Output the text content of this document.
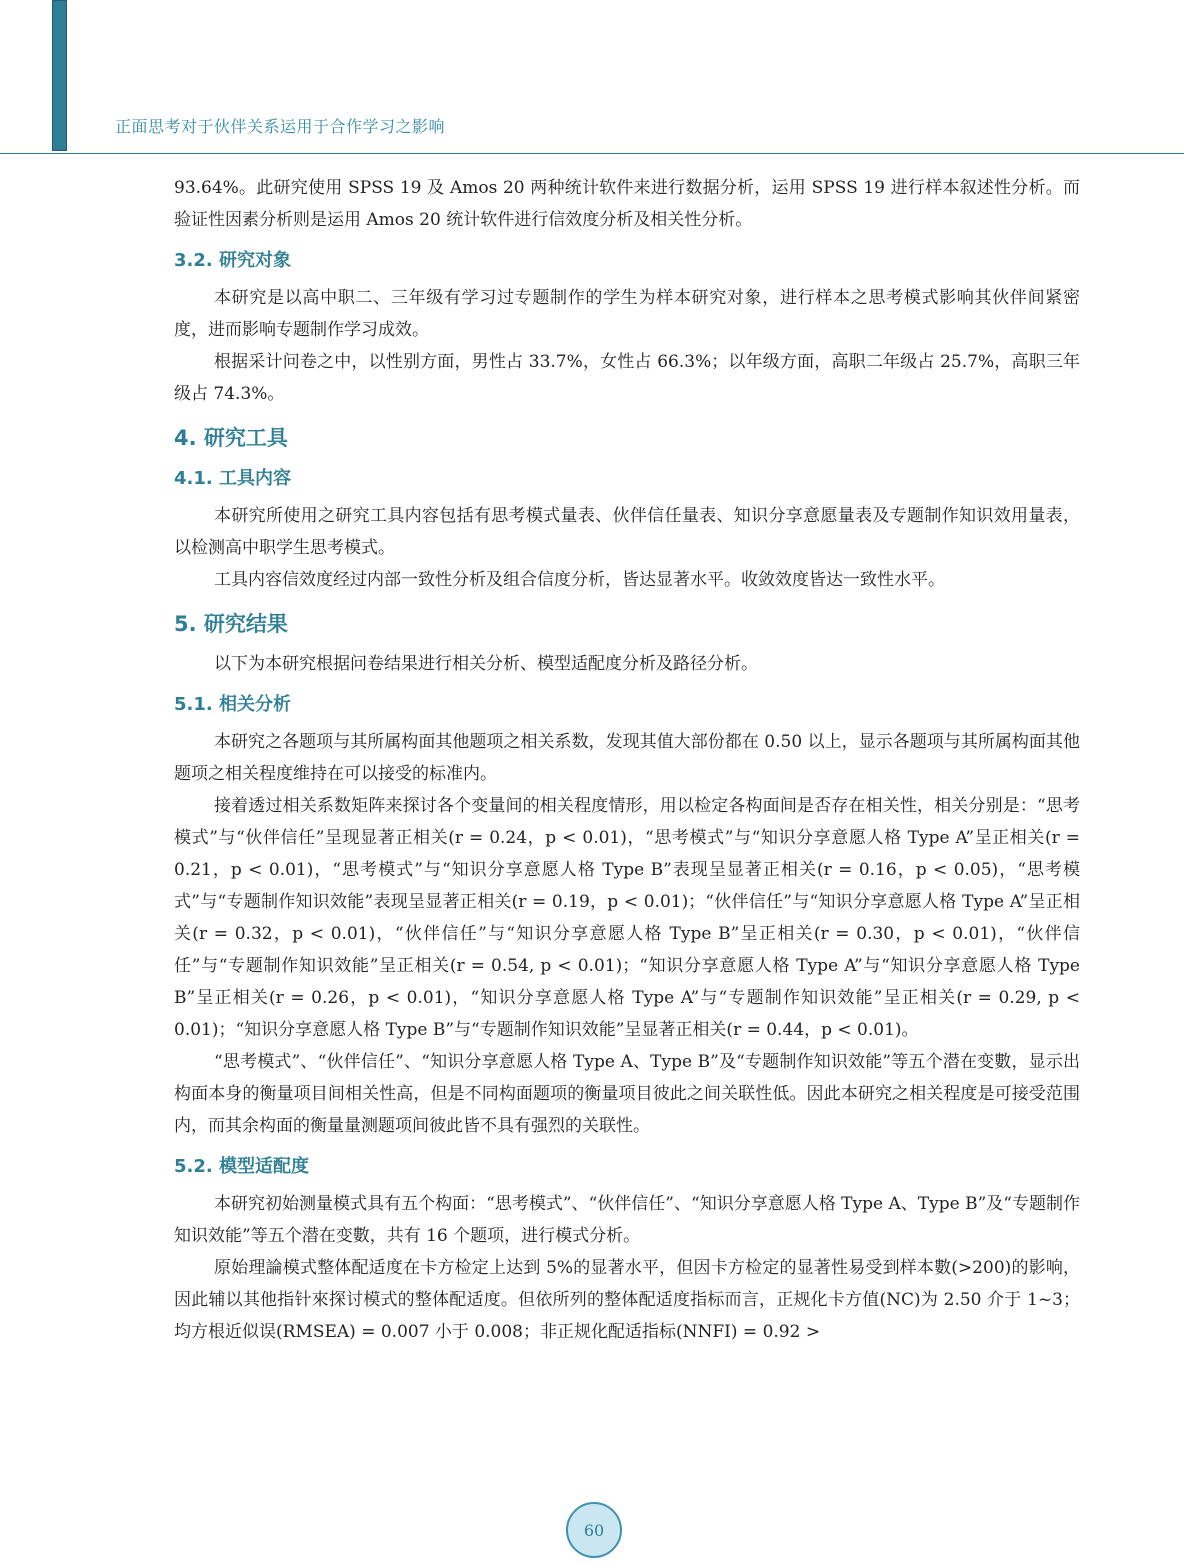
正面思考对于伙伴关系运用于合作学习之影响

93.64%。此研究使用 SPSS 19 及 Amos 20 两种统计软件来进行数据分析，运用 SPSS 19 进行样本叙述性分析。而验证性因素分析则是运用 Amos 20 统计软件进行信效度分析及相关性分析。

3.2. 研究对象

本研究是以高中职二、三年级有学习过专题制作的学生为样本研究对象，进行样本之思考模式影响其伙伴间紧密度，进而影响专题制作学习成效。

根据采计问卷之中，以性别方面，男性占 33.7%，女性占 66.3%；以年级方面，高职二年级占 25.7%，高职三年级占 74.3%。

4. 研究工具
4.1. 工具内容

本研究所使用之研究工具内容包括有思考模式量表、伙伴信任量表、知识分享意愿量表及专题制作知识效用量表，以检测高中职学生思考模式。

工具内容信效度经过内部一致性分析及组合信度分析，皆达显著水平。收敛效度皆达一致性水平。

5. 研究结果

以下为本研究根据问卷结果进行相关分析、模型适配度分析及路径分析。

5.1. 相关分析

本研究之各题项与其所属构面其他题项之相关系数，发现其值大部份都在 0.50 以上，显示各题项与其所属构面其他题项之相关程度维持在可以接受的标准内。

接着透过相关系数矩阵来探讨各个变量间的相关程度情形，用以检定各构面间是否存在相关性，相关分别是：“思考模式”与“伙伴信任”呈现显著正相关(r = 0.24，p < 0.01)，“思考模式”与“知识分享意愿人格 Type A”呈正相关(r = 0.21，p < 0.01)，“思考模式”与“知识分享意愿人格 Type B”表现呈显著正相关(r = 0.16，p < 0.05)，“思考模式”与“专题制作知识效能”表现呈显著正相关(r = 0.19，p < 0.01)；“伙伴信任”与“知识分享意愿人格 Type A”呈正相关(r = 0.32，p < 0.01)，“伙伴信任”与“知识分享意愿人格 Type B”呈正相关(r = 0.30，p < 0.01)，“伙伴信任”与“专题制作知识效能”呈正相关(r = 0.54, p < 0.01)；“知识分享意愿人格 Type A”与“知识分享意愿人格 Type B”呈正相关(r = 0.26，p < 0.01)，“知识分享意愿人格 Type A”与“专题制作知识效能”呈正相关(r = 0.29, p < 0.01)；“知识分享意愿人格 Type B”与“专题制作知识效能”呈显著正相关(r = 0.44，p < 0.01)。

“思考模式”、“伙伴信任”、“知识分享意愿人格 Type A、Type B”及“专题制作知识效能”等五个潜在变數，显示出构面本身的衡量项目间相关性高，但是不同构面题项的衡量项目彼此之间关联性低。因此本研究之相关程度是可接受范围内，而其余构面的衡量量测题项间彼此皆不具有强烈的关联性。

5.2. 模型适配度

本研究初始测量模式具有五个构面：“思考模式”、“伙伴信任”、“知识分享意愿人格 Type A、Type B”及“专题制作知识效能”等五个潜在变數，共有 16 个题项，进行模式分析。

原始理論模式整体配适度在卡方检定上达到 5%的显著水平，但因卡方检定的显著性易受到样本數(>200)的影响，因此辅以其他指针來探讨模式的整体配适度。但依所列的整体配适度指标而言，正规化卡方值(NC)为 2.50 介于 1~3；均方根近似误(RMSEA) = 0.007 小于 0.008；非正规化配适指标(NNFI) = 0.92 >

60
